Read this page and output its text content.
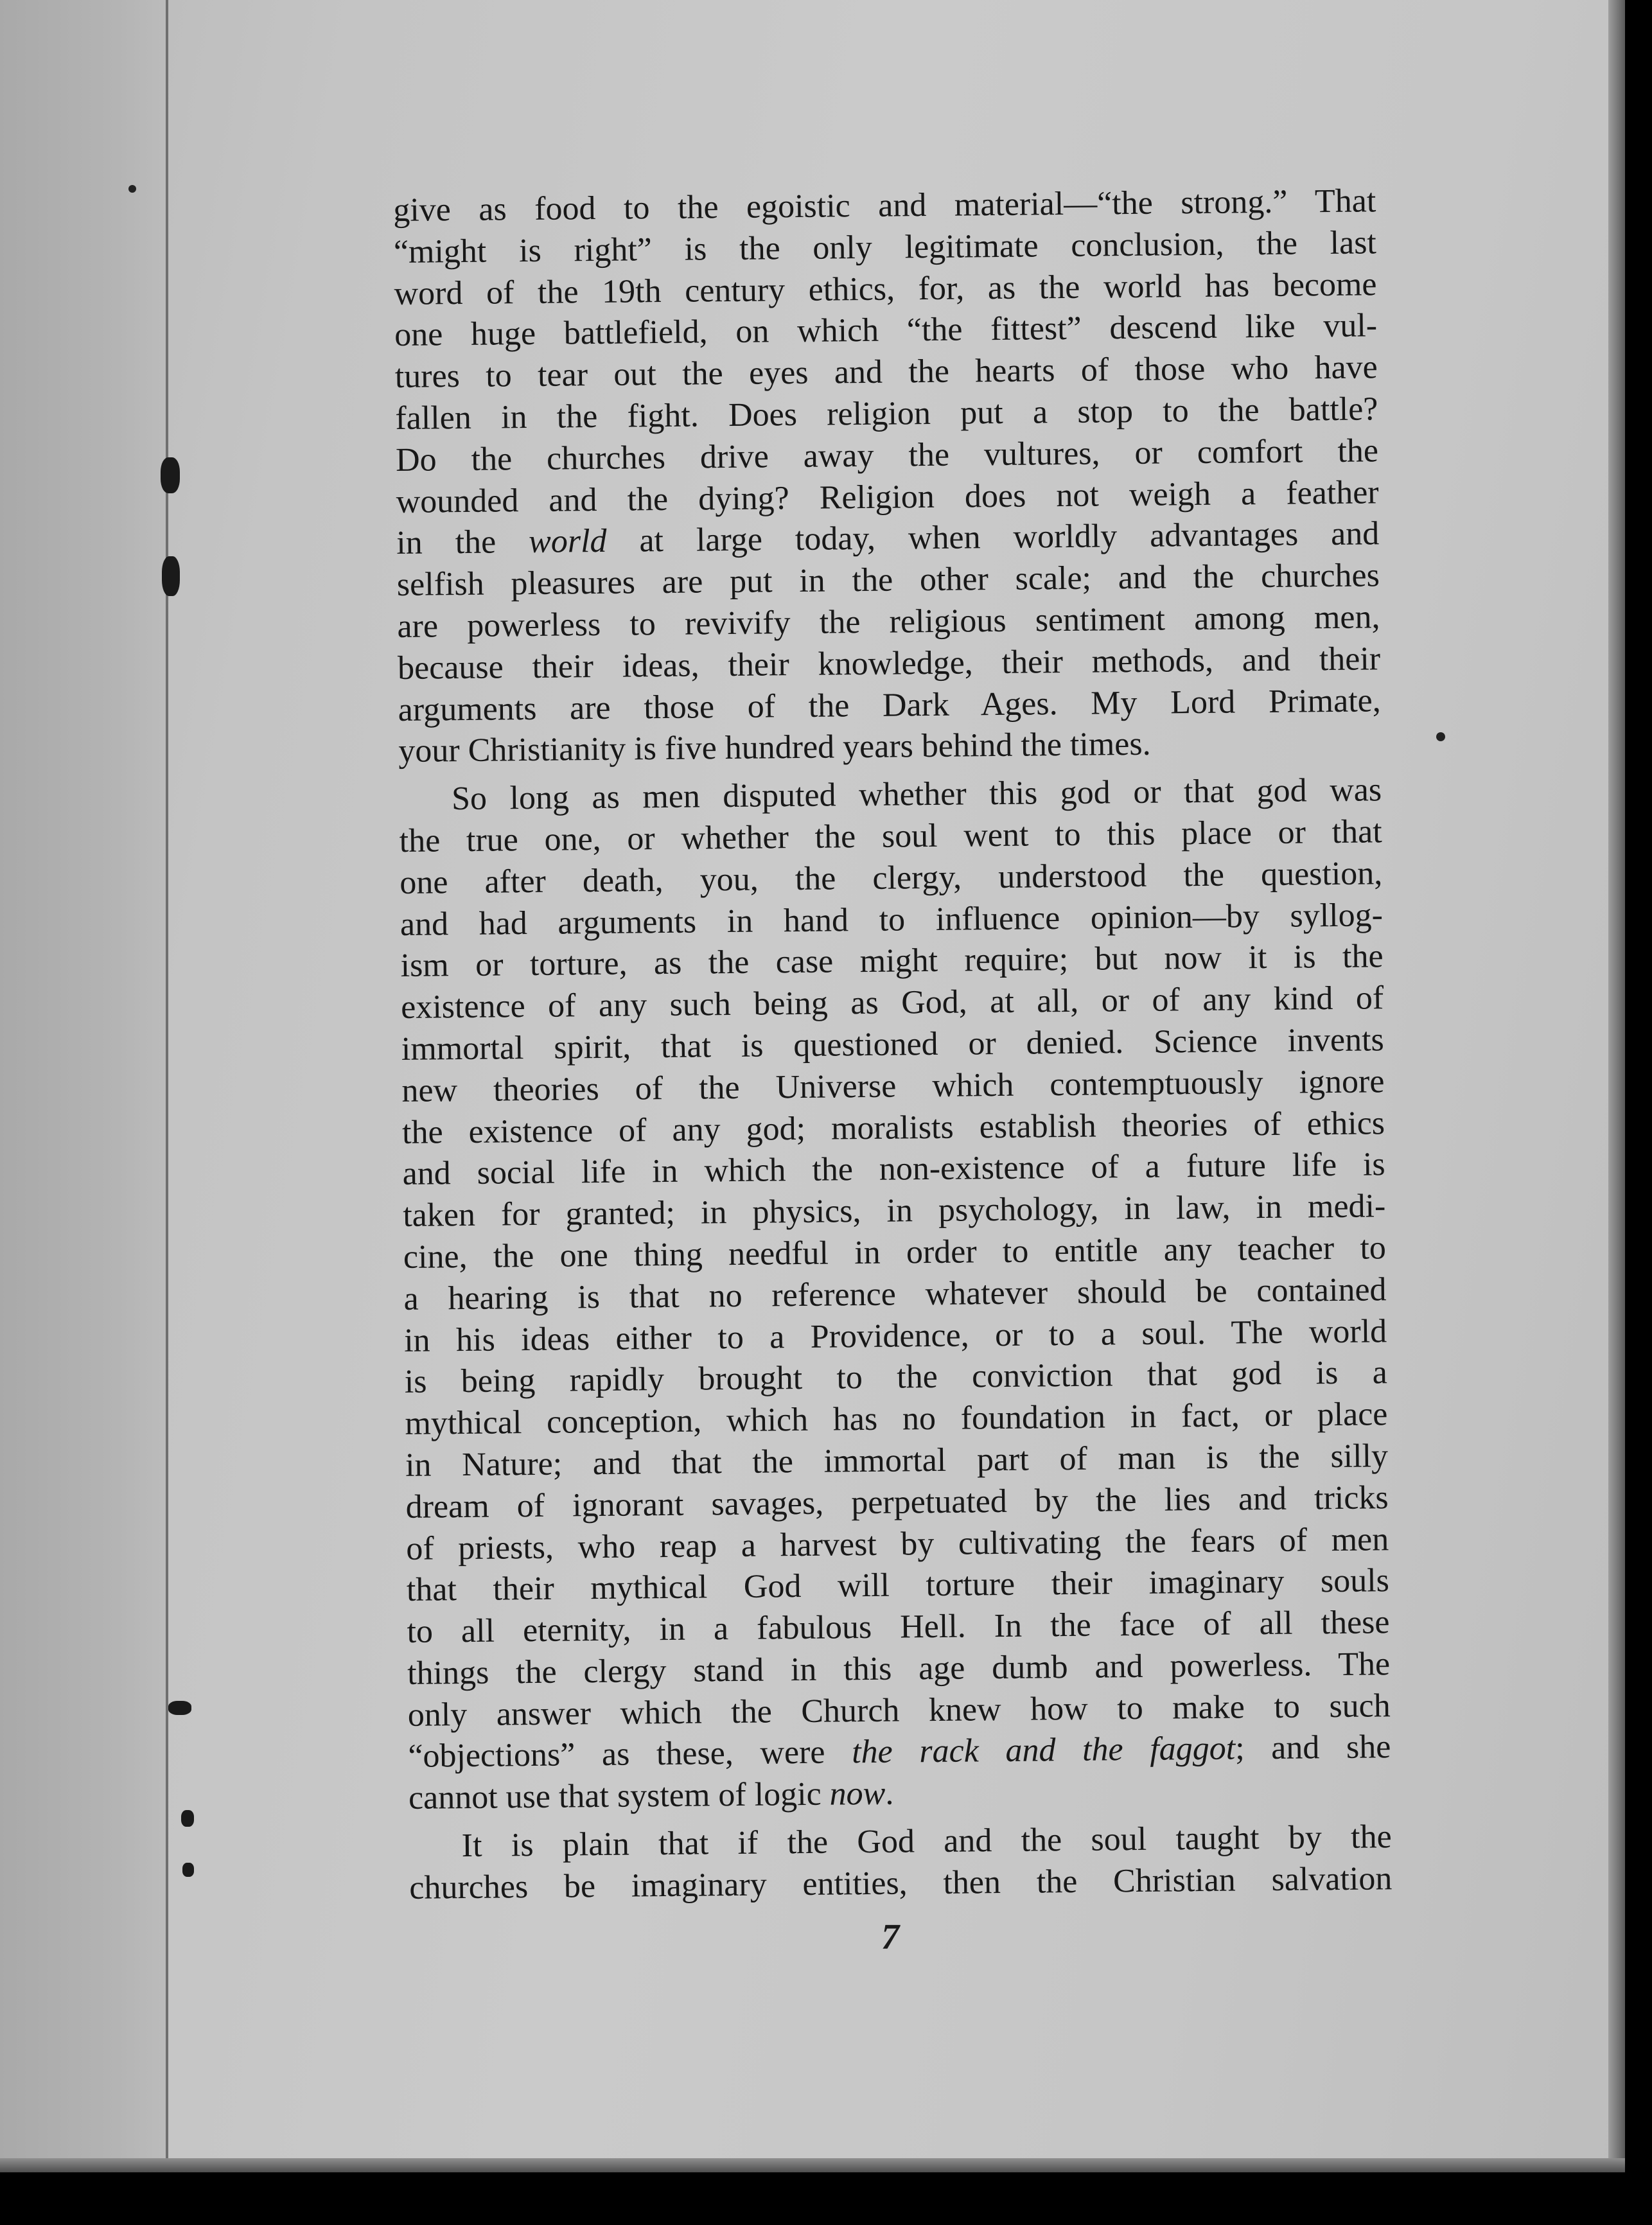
give as food to the egoistic and material—“the strong.” That
“might is right” is the only legitimate conclusion, the last
word of the 19th century ethics, for, as the world has become
one huge battlefield, on which “the fittest” descend like vul-
tures to tear out the eyes and the hearts of those who have
fallen in the fight. Does religion put a stop to the battle?
Do the churches drive away the vultures, or comfort the
wounded and the dying? Religion does not weigh a feather
in the world at large today, when worldly advantages and
selfish pleasures are put in the other scale; and the churches
are powerless to revivify the religious sentiment among men,
because their ideas, their knowledge, their methods, and their
arguments are those of the Dark Ages. My Lord Primate,
your Christianity is five hundred years behind the times.

So long as men disputed whether this god or that god was
the true one, or whether the soul went to this place or that
one after death, you, the clergy, understood the question,
and had arguments in hand to influence opinion—by syllog-
ism or torture, as the case might require; but now it is the
existence of any such being as God, at all, or of any kind of
immortal spirit, that is questioned or denied. Science invents
new theories of the Universe which contemptuously ignore
the existence of any god; moralists establish theories of ethics
and social life in which the non-existence of a future life is
taken for granted; in physics, in psychology, in law, in medi-
cine, the one thing needful in order to entitle any teacher to
a hearing is that no reference whatever should be contained
in his ideas either to a Providence, or to a soul. The world
is being rapidly brought to the conviction that god is a
mythical conception, which has no foundation in fact, or place
in Nature; and that the immortal part of man is the silly
dream of ignorant savages, perpetuated by the lies and tricks
of priests, who reap a harvest by cultivating the fears of men
that their mythical God will torture their imaginary souls
to all eternity, in a fabulous Hell. In the face of all these
things the clergy stand in this age dumb and powerless. The
only answer which the Church knew how to make to such
“objections” as these, were the rack and the faggot; and she
cannot use that system of logic now.

It is plain that if the God and the soul taught by the
churches be imaginary entities, then the Christian salvation

7
